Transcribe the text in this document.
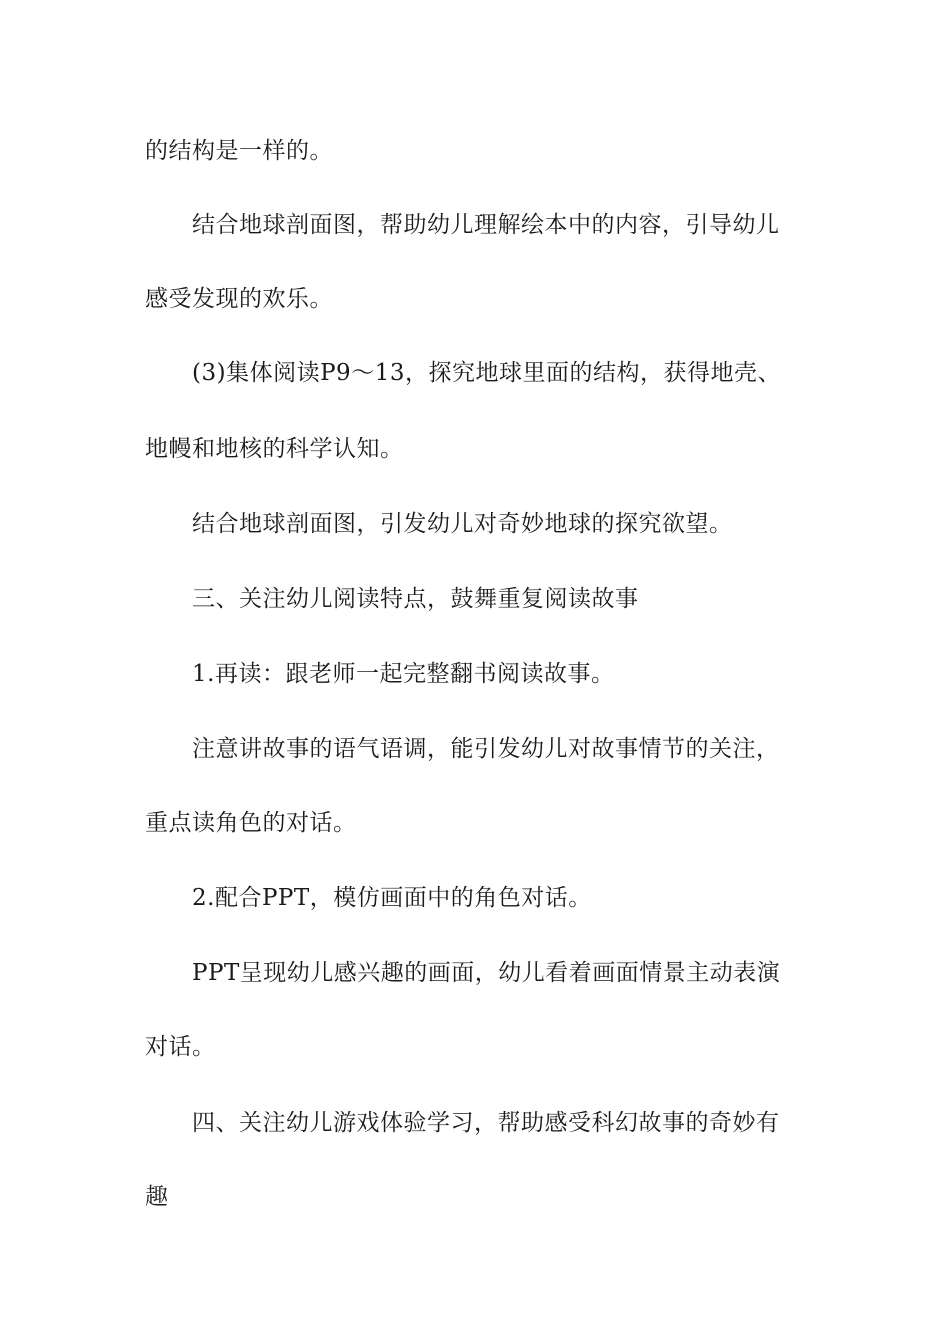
的结构是一样的。
结合地球剖面图，帮助幼儿理解绘本中的内容，引导幼儿
感受发现的欢乐。
(3)集体阅读P9～13，探究地球里面的结构，获得地壳、
地幔和地核的科学认知。
结合地球剖面图，引发幼儿对奇妙地球的探究欲望。
三、关注幼儿阅读特点，鼓舞重复阅读故事
1.再读：跟老师一起完整翻书阅读故事。
注意讲故事的语气语调，能引发幼儿对故事情节的关注，
重点读角色的对话。
2.配合PPT，模仿画面中的角色对话。
PPT呈现幼儿感兴趣的画面，幼儿看着画面情景主动表演
对话。
四、关注幼儿游戏体验学习，帮助感受科幻故事的奇妙有
趣
